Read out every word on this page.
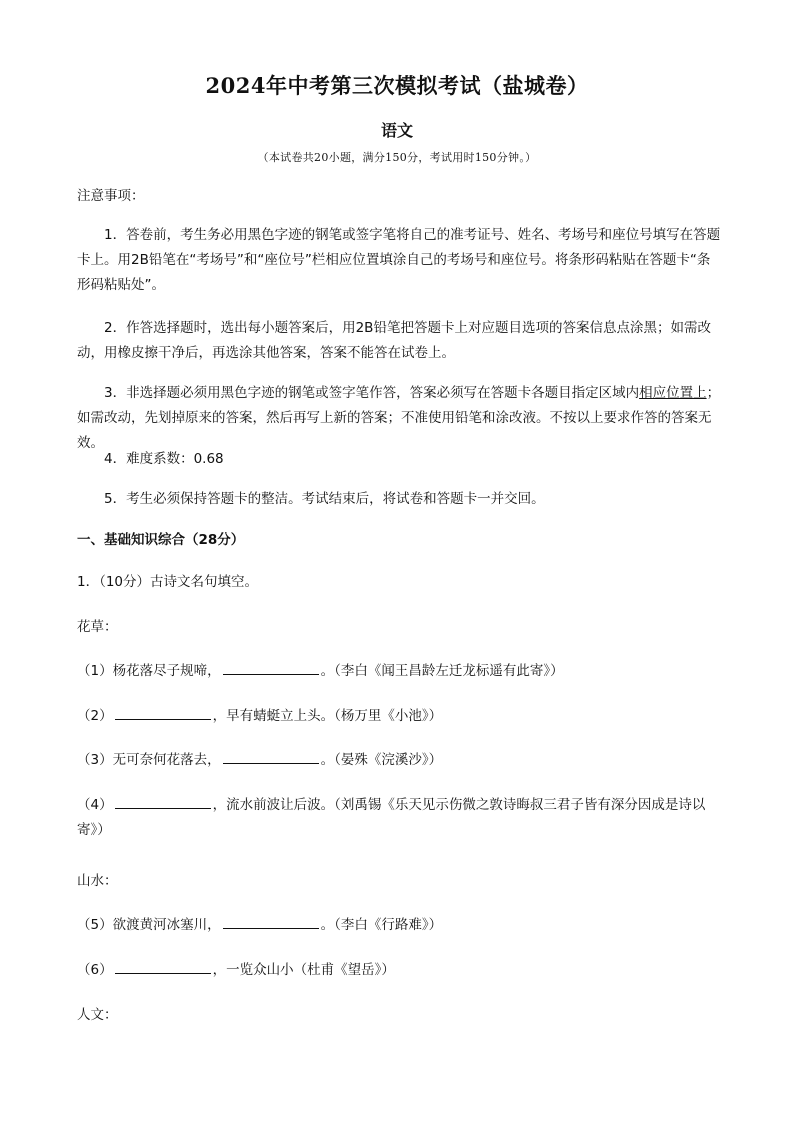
2024年中考第三次模拟考试（盐城卷）
语文
（本试卷共20小题，满分150分，考试用时150分钟。）
注意事项：
1．答卷前，考生务必用黑色字迹的钢笔或签字笔将自己的准考证号、姓名、考场号和座位号填写在答题卡上。用2B铅笔在“考场号”和“座位号”栏相应位置填涂自己的考场号和座位号。将条形码粘贴在答题卡“条形码粘贴处”。
2．作答选择题时，选出每小题答案后，用2B铅笔把答题卡上对应题目选项的答案信息点涂黑；如需改动，用橡皮擦干净后，再选涂其他答案，答案不能答在试卷上。
3．非选择题必须用黑色字迹的钢笔或签字笔作答，答案必须写在答题卡各题目指定区域内相应位置上；如需改动，先划掉原来的答案，然后再写上新的答案；不准使用铅笔和涂改液。不按以上要求作答的答案无效。
4．难度系数：0.68
5．考生必须保持答题卡的整洁。考试结束后，将试卷和答题卡一并交回。
一、基础知识综合（28分）
1．（10分）古诗文名句填空。
花草：
（1）杨花落尽子规啼，	。（李白《闻王昌龄左迁龙标遥有此寄》）
（2）	，早有蜻蜓立上头。（杨万里《小池》）
（3）无可奈何花落去，	。（晏殊《浣溪沙》）
（4）	，流水前波让后波。（刘禹锡《乐天见示伤微之敦诗晦叔三君子皆有深分因成是诗以寄》）
山水：
（5）欲渡黄河冰塞川，	。（李白《行路难》）
（6）	，一览众山小（杜甫《望岳》）
人文：
